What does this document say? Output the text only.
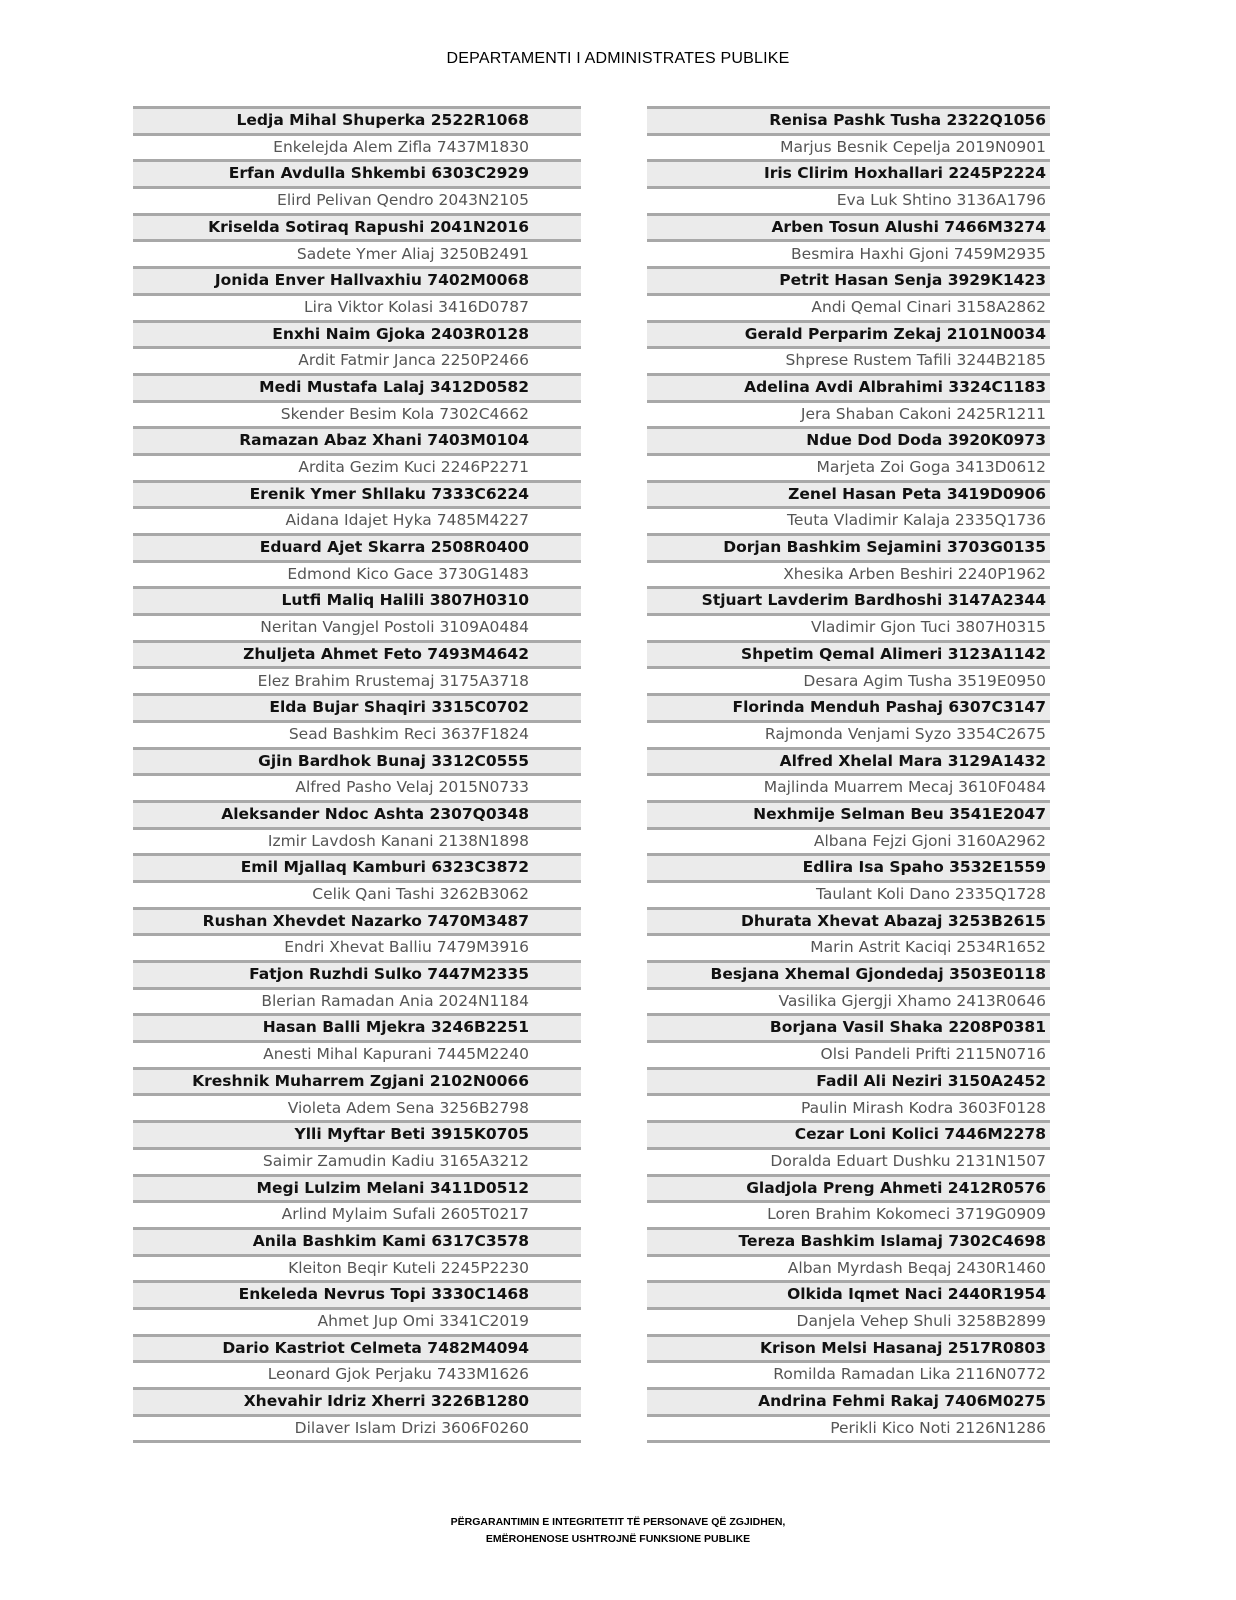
DEPARTAMENTI I ADMINISTRATES PUBLIKE
Ledja Mihal Shuperka 2522R1068
Enkelejda Alem Zifla 7437M1830
Erfan Avdulla Shkembi 6303C2929
Elird Pelivan Qendro 2043N2105
Kriselda Sotiraq Rapushi 2041N2016
Sadete Ymer Aliaj 3250B2491
Jonida Enver Hallvaxhiu 7402M0068
Lira Viktor Kolasi 3416D0787
Enxhi Naim Gjoka 2403R0128
Ardit Fatmir Janca 2250P2466
Medi Mustafa Lalaj 3412D0582
Skender Besim Kola 7302C4662
Ramazan Abaz Xhani 7403M0104
Ardita Gezim Kuci 2246P2271
Erenik Ymer Shllaku 7333C6224
Aidana Idajet Hyka 7485M4227
Eduard Ajet Skarra 2508R0400
Edmond Kico Gace 3730G1483
Lutfi Maliq Halili 3807H0310
Neritan Vangjel Postoli 3109A0484
Zhuljeta Ahmet Feto 7493M4642
Elez Brahim Rrustemaj 3175A3718
Elda Bujar Shaqiri 3315C0702
Sead Bashkim Reci 3637F1824
Gjin Bardhok Bunaj 3312C0555
Alfred Pasho Velaj 2015N0733
Aleksander Ndoc Ashta 2307Q0348
Izmir Lavdosh Kanani 2138N1898
Emil Mjallaq Kamburi 6323C3872
Celik Qani Tashi 3262B3062
Rushan Xhevdet Nazarko 7470M3487
Endri Xhevat Balliu 7479M3916
Fatjon Ruzhdi Sulko 7447M2335
Blerian Ramadan Ania 2024N1184
Hasan Balli Mjekra 3246B2251
Anesti Mihal Kapurani 7445M2240
Kreshnik Muharrem Zgjani 2102N0066
Violeta Adem Sena 3256B2798
Ylli Myftar Beti 3915K0705
Saimir Zamudin Kadiu 3165A3212
Megi Lulzim Melani 3411D0512
Arlind Mylaim Sufali 2605T0217
Anila Bashkim Kami 6317C3578
Kleiton Beqir Kuteli 2245P2230
Enkeleda Nevrus Topi 3330C1468
Ahmet Jup Omi 3341C2019
Dario Kastriot Celmeta 7482M4094
Leonard Gjok Perjaku 7433M1626
Xhevahir Idriz Xherri 3226B1280
Dilaver Islam Drizi 3606F0260
Renisa Pashk Tusha 2322Q1056
Marjus Besnik Cepelja 2019N0901
Iris Clirim Hoxhallari 2245P2224
Eva Luk Shtino 3136A1796
Arben Tosun Alushi 7466M3274
Besmira Haxhi Gjoni 7459M2935
Petrit Hasan Senja 3929K1423
Andi Qemal Cinari 3158A2862
Gerald Perparim Zekaj 2101N0034
Shprese Rustem Tafili 3244B2185
Adelina Avdi Albrahimi 3324C1183
Jera Shaban Cakoni 2425R1211
Ndue Dod Doda 3920K0973
Marjeta Zoi Goga 3413D0612
Zenel Hasan Peta 3419D0906
Teuta Vladimir Kalaja 2335Q1736
Dorjan Bashkim Sejamini 3703G0135
Xhesika Arben Beshiri 2240P1962
Stjuart Lavderim Bardhoshi 3147A2344
Vladimir Gjon Tuci 3807H0315
Shpetim Qemal Alimeri 3123A1142
Desara Agim Tusha 3519E0950
Florinda Menduh Pashaj 6307C3147
Rajmonda Venjami Syzo 3354C2675
Alfred Xhelal Mara 3129A1432
Majlinda Muarrem Mecaj 3610F0484
Nexhmije Selman Beu 3541E2047
Albana Fejzi Gjoni 3160A2962
Edlira Isa Spaho 3532E1559
Taulant Koli Dano 2335Q1728
Dhurata Xhevat Abazaj 3253B2615
Marin Astrit Kaciqi 2534R1652
Besjana Xhemal Gjondedaj 3503E0118
Vasilika Gjergji Xhamo 2413R0646
Borjana Vasil Shaka 2208P0381
Olsi Pandeli Prifti 2115N0716
Fadil Ali Neziri 3150A2452
Paulin Mirash Kodra 3603F0128
Cezar Loni Kolici 7446M2278
Doralda Eduart Dushku 2131N1507
Gladjola Preng Ahmeti 2412R0576
Loren Brahim Kokomeci 3719G0909
Tereza Bashkim Islamaj 7302C4698
Alban Myrdash Beqaj 2430R1460
Olkida Iqmet Naci 2440R1954
Danjela Vehep Shuli 3258B2899
Krison Melsi Hasanaj 2517R0803
Romilda Ramadan Lika 2116N0772
Andrina Fehmi Rakaj 7406M0275
Perikli Kico Noti 2126N1286
PËRGARANTIMIN E INTEGRITETIT TË PERSONAVE QË ZGJIDHEN,
EMËROHENOSE USHTROJNË FUNKSIONE PUBLIKE
